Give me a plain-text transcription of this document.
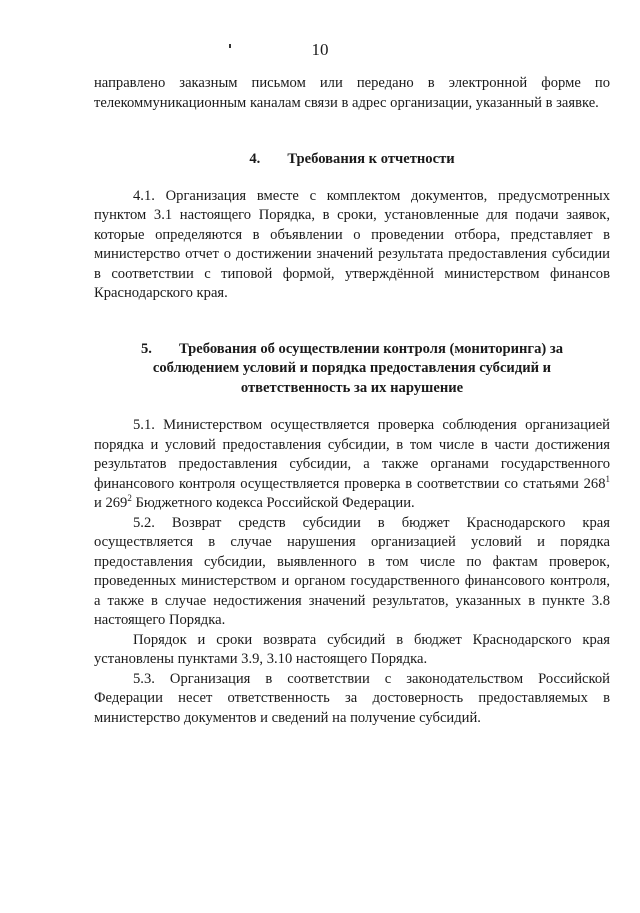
10

направлено заказным письмом или передано в электронной форме по телекоммуникационным каналам связи в адрес организации, указанный в заявке.

4. Требования к отчетности

4.1. Организация вместе с комплектом документов, предусмотренных пунктом 3.1 настоящего Порядка, в сроки, установленные для подачи заявок, которые определяются в объявлении о проведении отбора, представляет в министерство отчет о достижении значений результата предоставления субсидии в соответствии с типовой формой, утверждённой министерством финансов Краснодарского края.

5. Требования об осуществлении контроля (мониторинга) за
соблюдением условий и порядка предоставления субсидий и
ответственность за их нарушение

5.1. Министерством осуществляется проверка соблюдения организацией порядка и условий предоставления субсидии, в том числе в части достижения результатов предоставления субсидии, а также органами государственного финансового контроля осуществляется проверка в соответствии со статьями $268^1$ и $269^2$ Бюджетного кодекса Российской Федерации.

5.2. Возврат средств субсидии в бюджет Краснодарского края осуществляется в случае нарушения организацией условий и порядка предоставления субсидии, выявленного в том числе по фактам проверок, проведенных министерством и органом государственного финансового контроля, а также в случае недостижения значений результатов, указанных в пункте 3.8 настоящего Порядка.

Порядок и сроки возврата субсидий в бюджет Краснодарского края установлены пунктами 3.9, 3.10 настоящего Порядка.

5.3. Организация в соответствии с законодательством Российской Федерации несет ответственность за достоверность предоставляемых в министерство документов и сведений на получение субсидий.
